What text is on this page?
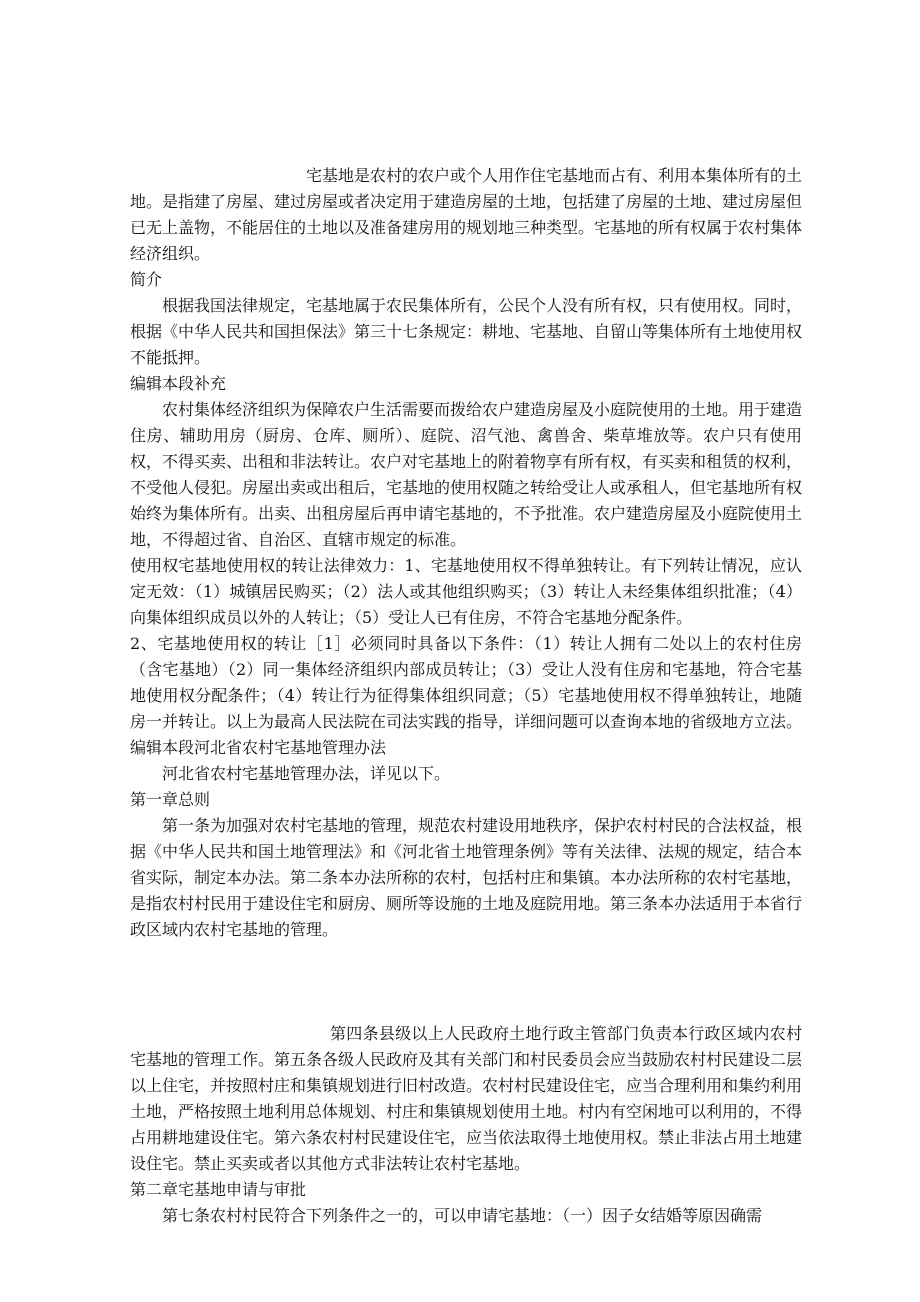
宅基地是农村的农户或个人用作住宅基地而占有、利用本集体所有的土地。是指建了房屋、建过房屋或者决定用于建造房屋的土地，包括建了房屋的土地、建过房屋但已无上盖物，不能居住的土地以及准备建房用的规划地三种类型。宅基地的所有权属于农村集体经济组织。

简介

根据我国法律规定，宅基地属于农民集体所有，公民个人没有所有权，只有使用权。同时，根据《中华人民共和国担保法》第三十七条规定：耕地、宅基地、自留山等集体所有土地使用权不能抵押。

编辑本段补充

农村集体经济组织为保障农户生活需要而拨给农户建造房屋及小庭院使用的土地。用于建造住房、辅助用房（厨房、仓库、厕所）、庭院、沼气池、禽兽舍、柴草堆放等。农户只有使用权，不得买卖、出租和非法转让。农户对宅基地上的附着物享有所有权，有买卖和租赁的权利，不受他人侵犯。房屋出卖或出租后，宅基地的使用权随之转给受让人或承租人，但宅基地所有权始终为集体所有。出卖、出租房屋后再申请宅基地的，不予批准。农户建造房屋及小庭院使用土地，不得超过省、自治区、直辖市规定的标准。

使用权宅基地使用权的转让法律效力：1、宅基地使用权不得单独转让。有下列转让情况，应认定无效：（1）城镇居民购买；（2）法人或其他组织购买；（3）转让人未经集体组织批准；（4）向集体组织成员以外的人转让；（5）受让人已有住房，不符合宅基地分配条件。

2、宅基地使用权的转让［1］必须同时具备以下条件：（1）转让人拥有二处以上的农村住房（含宅基地）（2）同一集体经济组织内部成员转让；（3）受让人没有住房和宅基地，符合宅基地使用权分配条件；（4）转让行为征得集体组织同意；（5）宅基地使用权不得单独转让，地随房一并转让。以上为最高人民法院在司法实践的指导，详细问题可以查询本地的省级地方立法。编辑本段河北省农村宅基地管理办法

河北省农村宅基地管理办法，详见以下。

第一章总则

第一条为加强对农村宅基地的管理，规范农村建设用地秩序，保护农村村民的合法权益，根据《中华人民共和国土地管理法》和《河北省土地管理条例》等有关法律、法规的规定，结合本省实际，制定本办法。第二条本办法所称的农村，包括村庄和集镇。本办法所称的农村宅基地，是指农村村民用于建设住宅和厨房、厕所等设施的土地及庭院用地。第三条本办法适用于本省行政区域内农村宅基地的管理。

第四条县级以上人民政府土地行政主管部门负责本行政区域内农村宅基地的管理工作。第五条各级人民政府及其有关部门和村民委员会应当鼓励农村村民建设二层以上住宅，并按照村庄和集镇规划进行旧村改造。农村村民建设住宅，应当合理利用和集约利用土地，严格按照土地利用总体规划、村庄和集镇规划使用土地。村内有空闲地可以利用的，不得占用耕地建设住宅。第六条农村村民建设住宅，应当依法取得土地使用权。禁止非法占用土地建设住宅。禁止买卖或者以其他方式非法转让农村宅基地。

第二章宅基地申请与审批

第七条农村村民符合下列条件之一的，可以申请宅基地：（一）因子女结婚等原因确需
